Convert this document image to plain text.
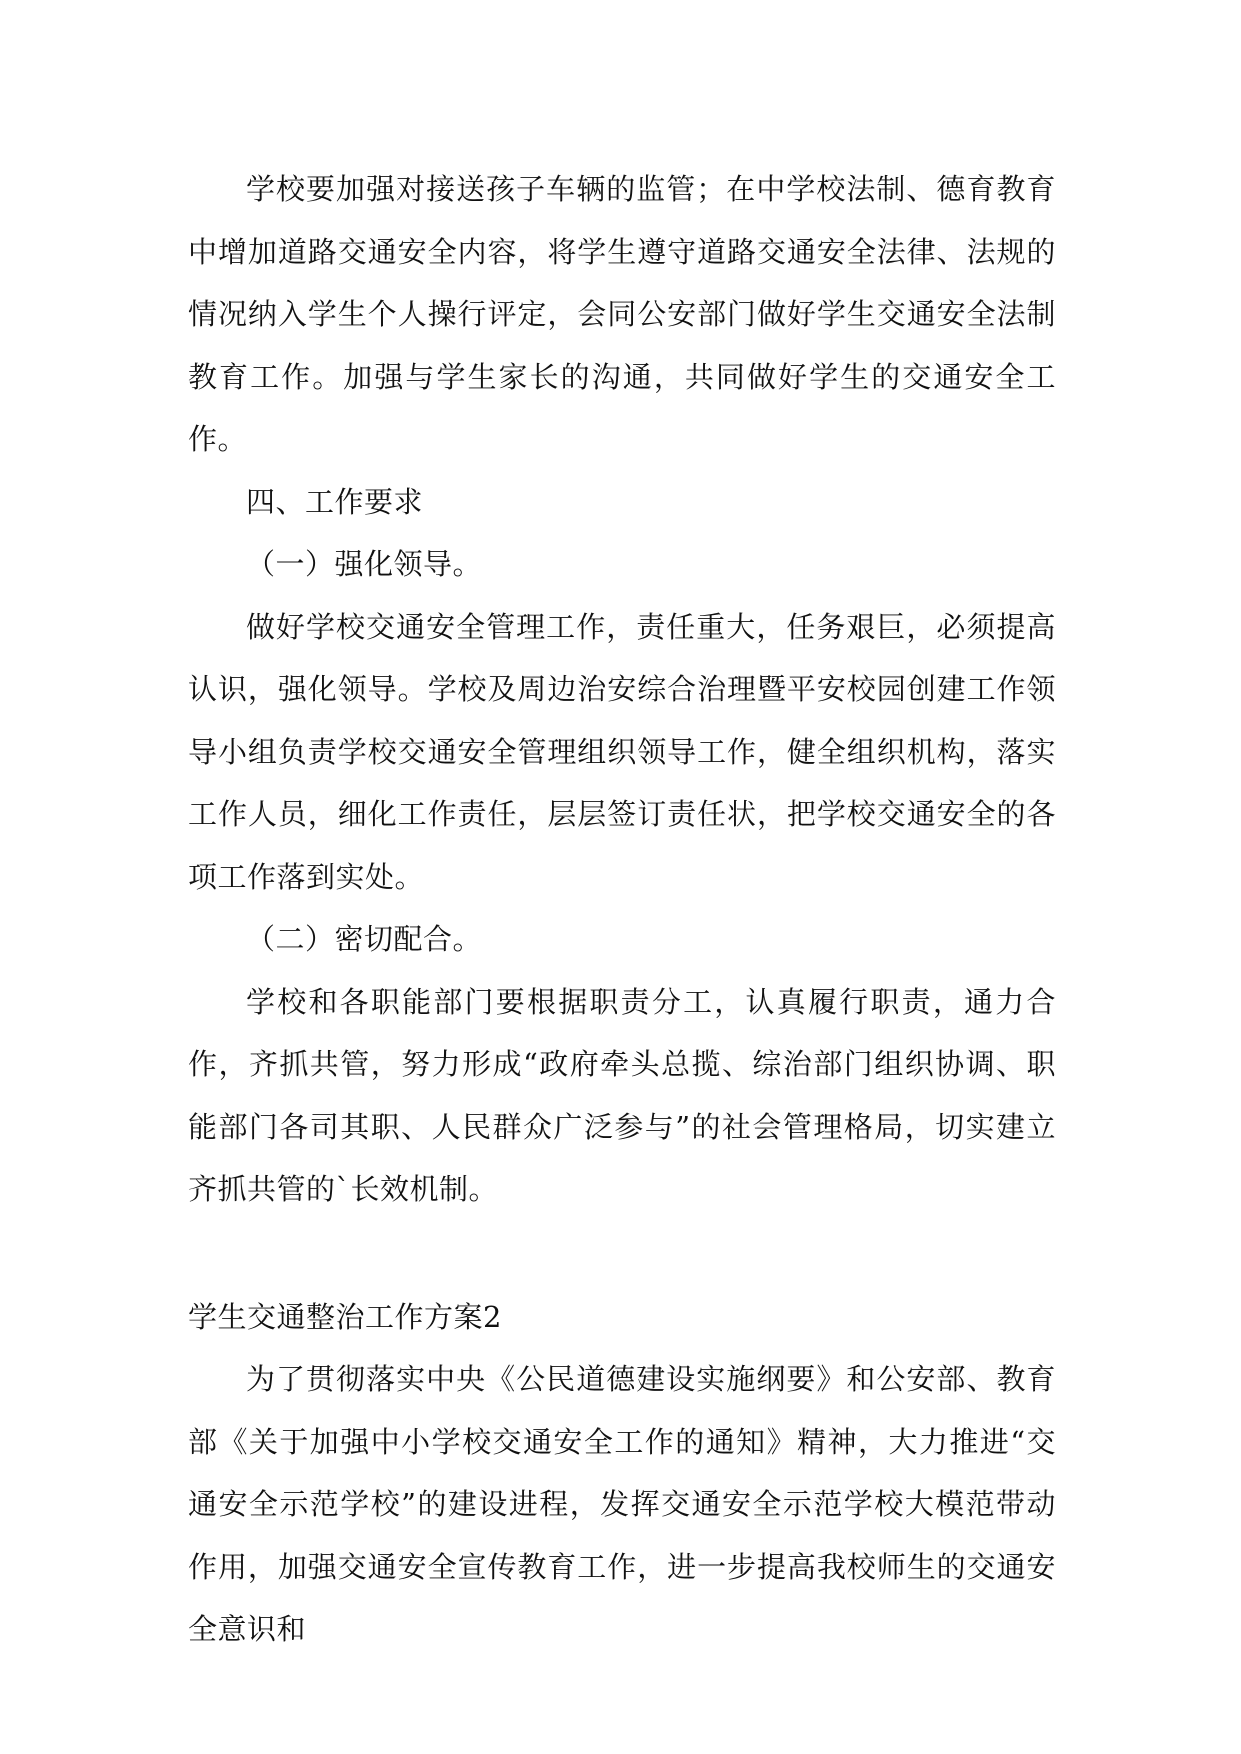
学校要加强对接送孩子车辆的监管；在中学校法制、德育教育中增加道路交通安全内容，将学生遵守道路交通安全法律、法规的情况纳入学生个人操行评定，会同公安部门做好学生交通安全法制教育工作。加强与学生家长的沟通，共同做好学生的交通安全工作。

四、工作要求

（一）强化领导。

做好学校交通安全管理工作，责任重大，任务艰巨，必须提高认识，强化领导。学校及周边治安综合治理暨平安校园创建工作领导小组负责学校交通安全管理组织领导工作，健全组织机构，落实工作人员，细化工作责任，层层签订责任状，把学校交通安全的各项工作落到实处。

（二）密切配合。

学校和各职能部门要根据职责分工，认真履行职责，通力合作，齐抓共管，努力形成“政府牵头总揽、综治部门组织协调、职能部门各司其职、人民群众广泛参与”的社会管理格局，切实建立齐抓共管的`长效机制。

学生交通整治工作方案2

为了贯彻落实中央《公民道德建设实施纲要》和公安部、教育部《关于加强中小学校交通安全工作的通知》精神，大力推进“交通安全示范学校”的建设进程，发挥交通安全示范学校大模范带动作用，加强交通安全宣传教育工作，进一步提高我校师生的交通安全意识和
